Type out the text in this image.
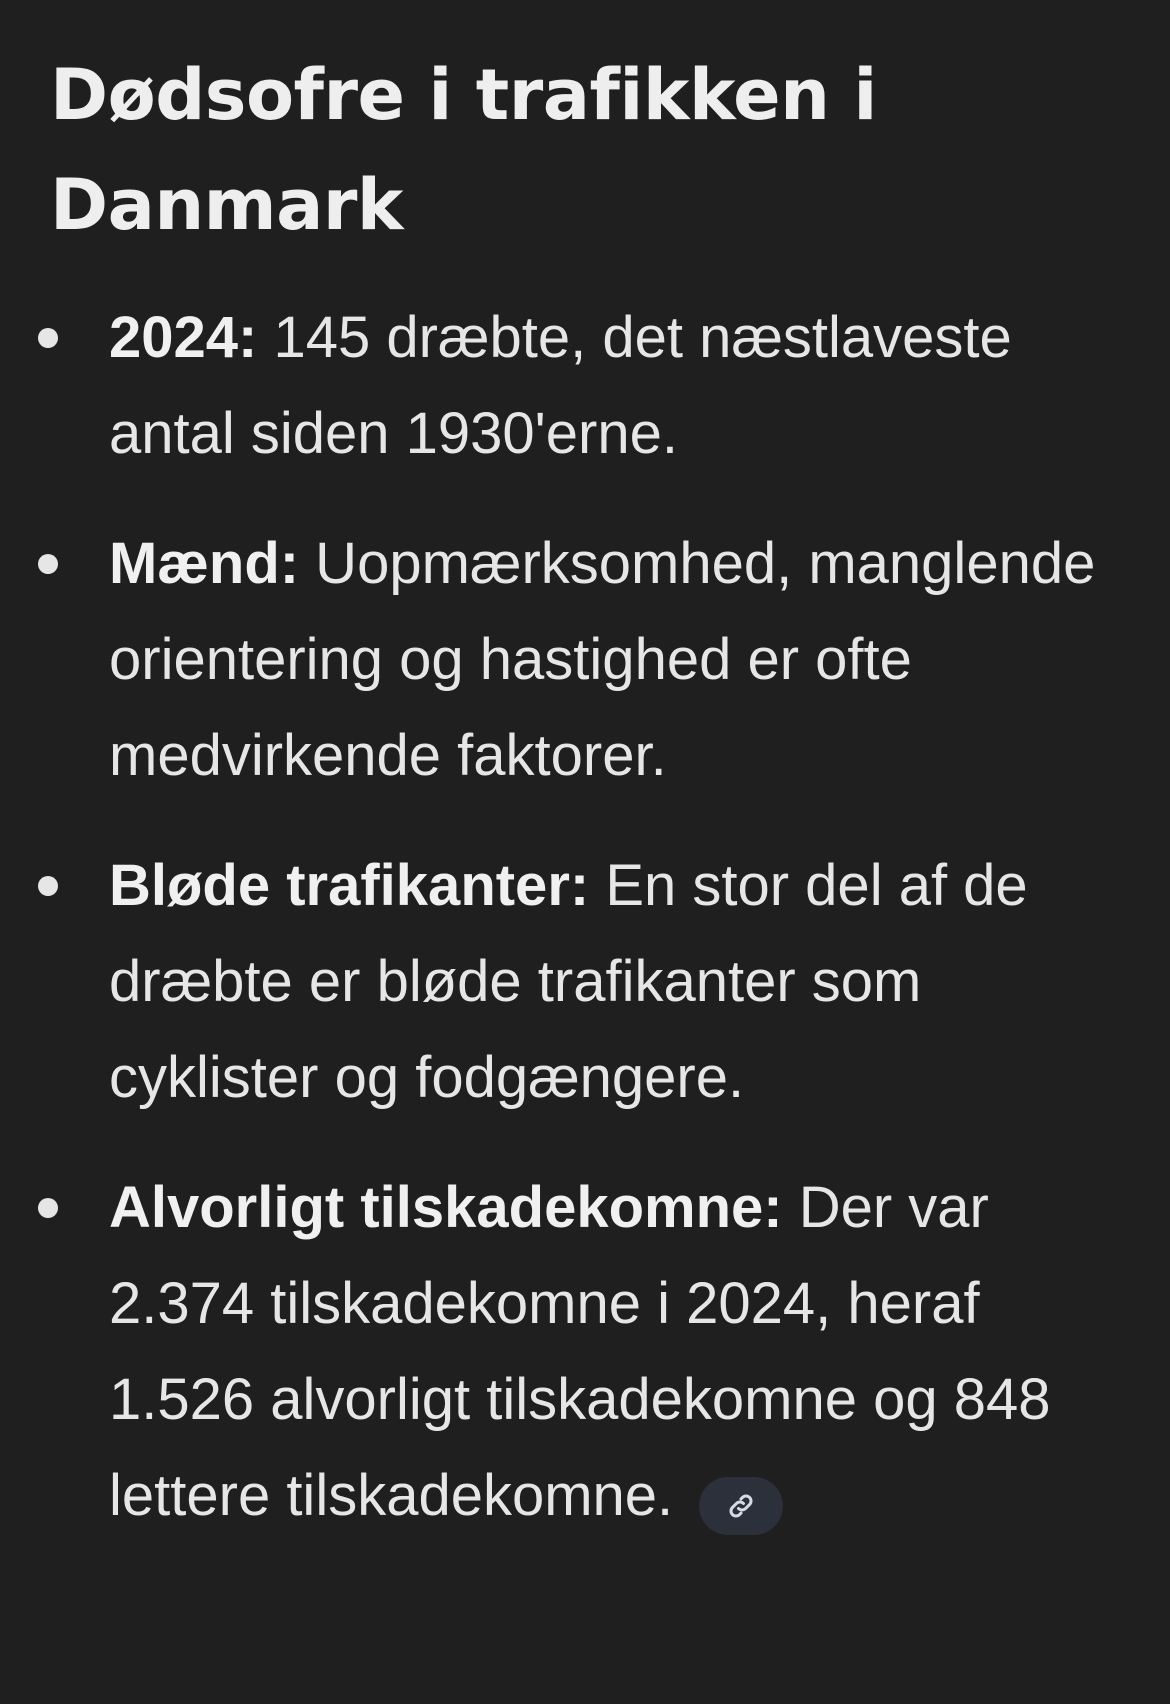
Dødsofre i trafikken i Danmark
2024: 145 dræbte, det næstlaveste antal siden 1930'erne.
Mænd: Uopmærksomhed, manglende orientering og hastighed er ofte medvirkende faktorer.
Bløde trafikanter: En stor del af de dræbte er bløde trafikanter som cyklister og fodgængere.
Alvorligt tilskadekomne: Der var 2.374 tilskadekomne i 2024, heraf 1.526 alvorligt tilskadekomne og 848 lettere tilskadekomne.
